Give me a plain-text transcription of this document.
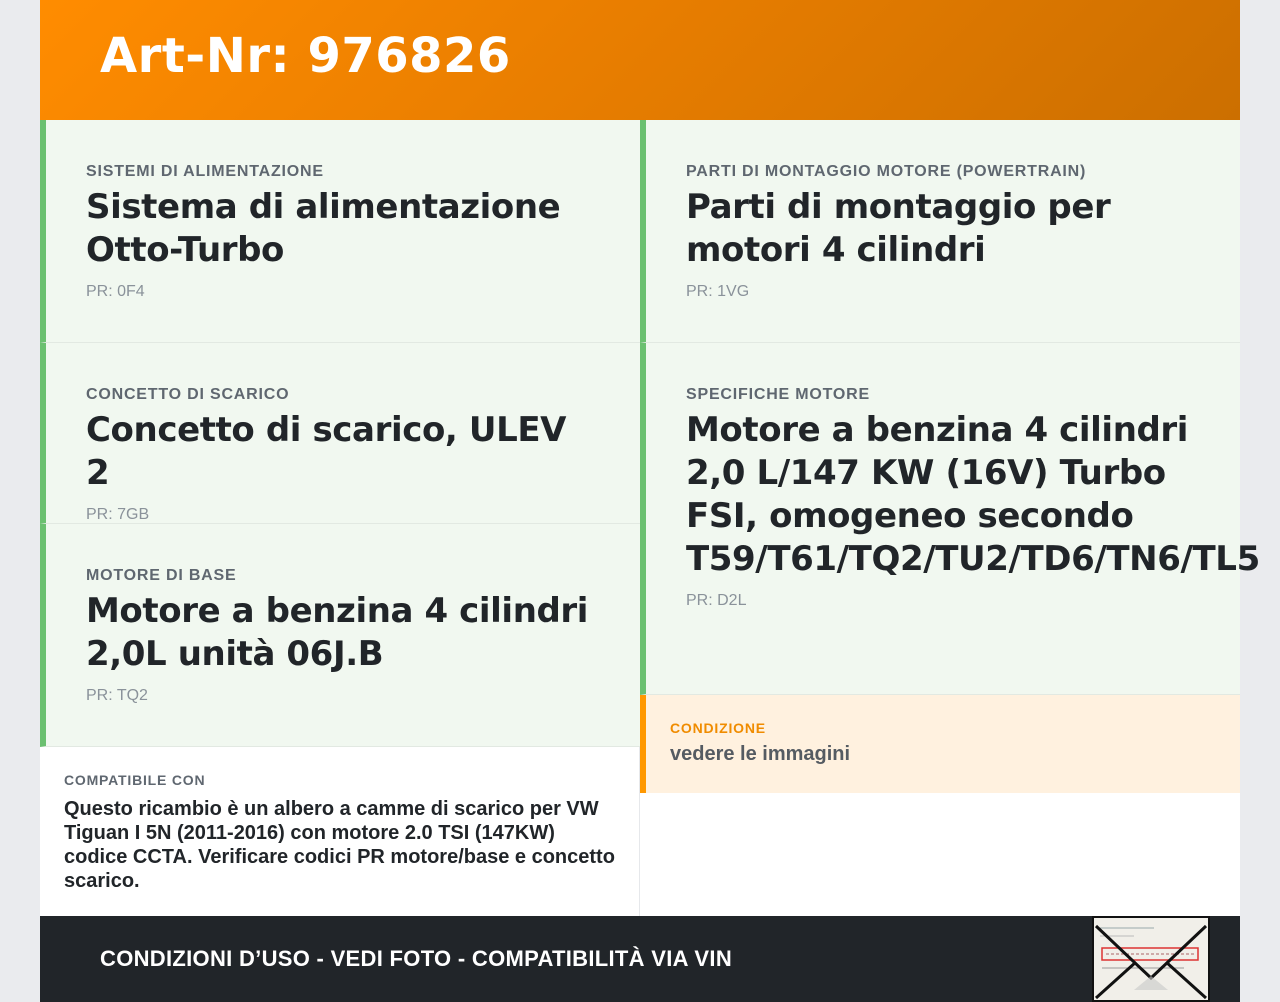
Art-Nr: 976826
SISTEMI DI ALIMENTAZIONE
Sistema di alimentazione Otto-Turbo
PR: 0F4
CONCETTO DI SCARICO
Concetto di scarico, ULEV 2
PR: 7GB
MOTORE DI BASE
Motore a benzina 4 cilindri 2,0L unità 06J.B
PR: TQ2
COMPATIBILE CON
Questo ricambio è un albero a camme di scarico per VW Tiguan I 5N (2011-2016) con motore 2.0 TSI (147KW) codice CCTA. Verificare codici PR motore/base e concetto scarico.
PARTI DI MONTAGGIO MOTORE (POWERTRAIN)
Parti di montaggio per motori 4 cilindri
PR: 1VG
SPECIFICHE MOTORE
Motore a benzina 4 cilindri 2,0 L/147 KW (16V) Turbo FSI, omogeneo secondo T59/T61/TQ2/TU2/TD6/TN6/TL5
PR: D2L
CONDIZIONE
vedere le immagini
CONDIZIONI D’USO - VEDI FOTO - COMPATIBILITÀ VIA VIN
